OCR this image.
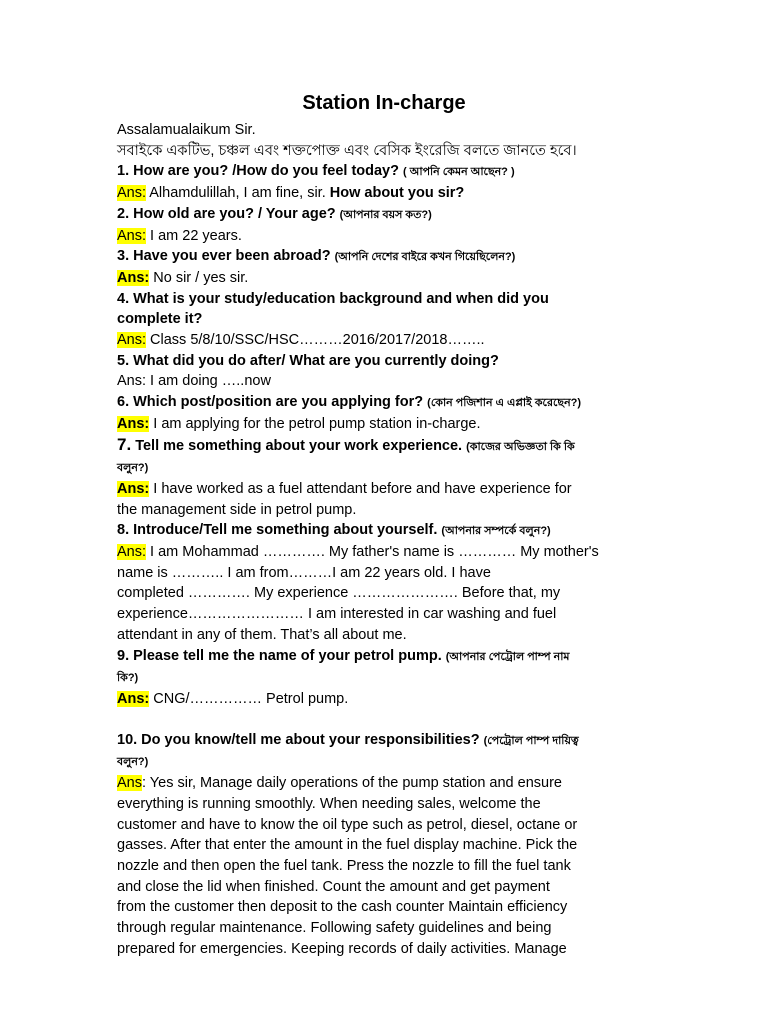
Station In-charge
Assalamualaikum Sir.
সবাইকে একটিভ, চঞ্চল এবং শক্তপোক্ত এবং বেসিক ইংরেজি বলতে জানতে হবে।
1. How are you? /How do you feel today? ( আপনি কেমন আছেন? )
Ans: Alhamdulillah, I am fine, sir. How about you sir?
2. How old are you? / Your age? (আপনার বয়স কত?)
Ans: I am 22 years.
3. Have you ever been abroad? (আপনি দেশের বাইরে কখন গিয়েছিলেন?)
Ans: No sir / yes sir.
4. What is your study/education background and when did you
complete it?
Ans: Class 5/8/10/SSC/HSC………2016/2017/2018……..
5. What did you do after/ What are you currently doing?
Ans: I am doing …..now
6. Which post/position are you applying for? (কোন পজিশান এ এপ্লাই করেছেন?)
Ans: I am applying for the petrol pump station in-charge.
7. Tell me something about your work experience. (কাজের অভিজ্ঞতা কি কি
বলুন?)
Ans: I have worked as a fuel attendant before and have experience for
the management side in petrol pump.
8. Introduce/Tell me something about yourself. (আপনার সম্পর্কে বলুন?)
Ans: I am Mohammad …………. My father's name is ………… My mother's
name is ……….. I am from………I am 22 years old. I have
completed …………. My experience …………………. Before that, my
experience…………………… I am interested in car washing and fuel
attendant in any of them. That’s all about me.
9. Please tell me the name of your petrol pump. (আপনার পেট্রোল পাম্প নাম
কি?)
Ans: CNG/…………… Petrol pump.
10. Do you know/tell me about your responsibilities? (পেট্রোল পাম্প দায়িত্ব
বলুন?)
Ans: Yes sir, Manage daily operations of the pump station and ensure
everything is running smoothly. When needing sales, welcome the
customer and have to know the oil type such as petrol, diesel, octane or
gasses. After that enter the amount in the fuel display machine. Pick the
nozzle and then open the fuel tank. Press the nozzle to fill the fuel tank
and close the lid when finished. Count the amount and get payment
from the customer then deposit to the cash counter Maintain efficiency
through regular maintenance. Following safety guidelines and being
prepared for emergencies. Keeping records of daily activities. Manage
